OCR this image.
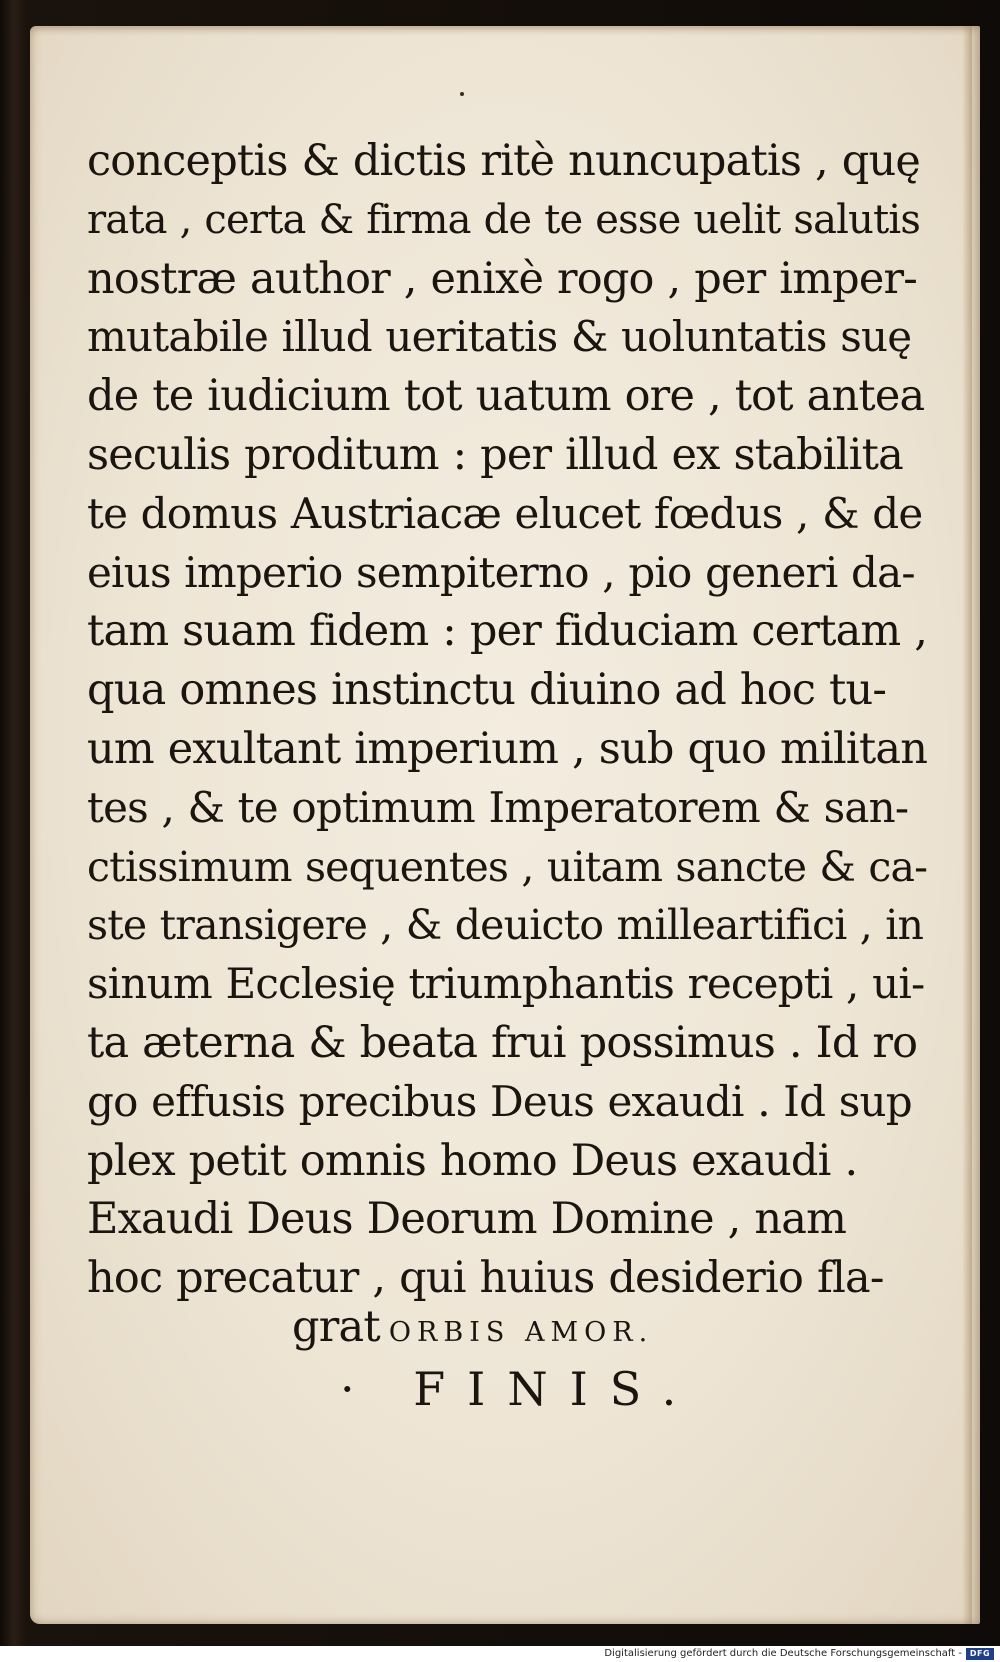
conceptis & dictis ritè nuncupatis , quę
rata , certa & firma de te esse uelit salutis
nostræ author , enixè rogo , per imper-
mutabile illud ueritatis & uoluntatis suę
de te iudicium tot uatum ore , tot antea
seculis proditum : per illud ex stabilita
te domus Austriacæ elucet fœdus , & de
eius imperio sempiterno , pio generi da-
tam suam fidem : per fiduciam certam ,
qua omnes instinctu diuino ad hoc tu-
um exultant imperium , sub quo militan
tes , & te optimum Imperatorem & san-
ctissimum sequentes , uitam sancte & ca-
ste transigere , & deuicto milleartifici , in
sinum Ecclesię triumphantis recepti , ui-
ta æterna & beata frui possimus . Id ro
go effusis precibus Deus exaudi . Id sup
plex petit omnis homo Deus exaudi .
Exaudi Deus Deorum Domine , nam
hoc precatur , qui huius desiderio fla-
grat ORBIS AMOR.
· FINIS.
Digitalisierung gefördert durch die Deutsche Forschungsgemeinschaft - DFG
